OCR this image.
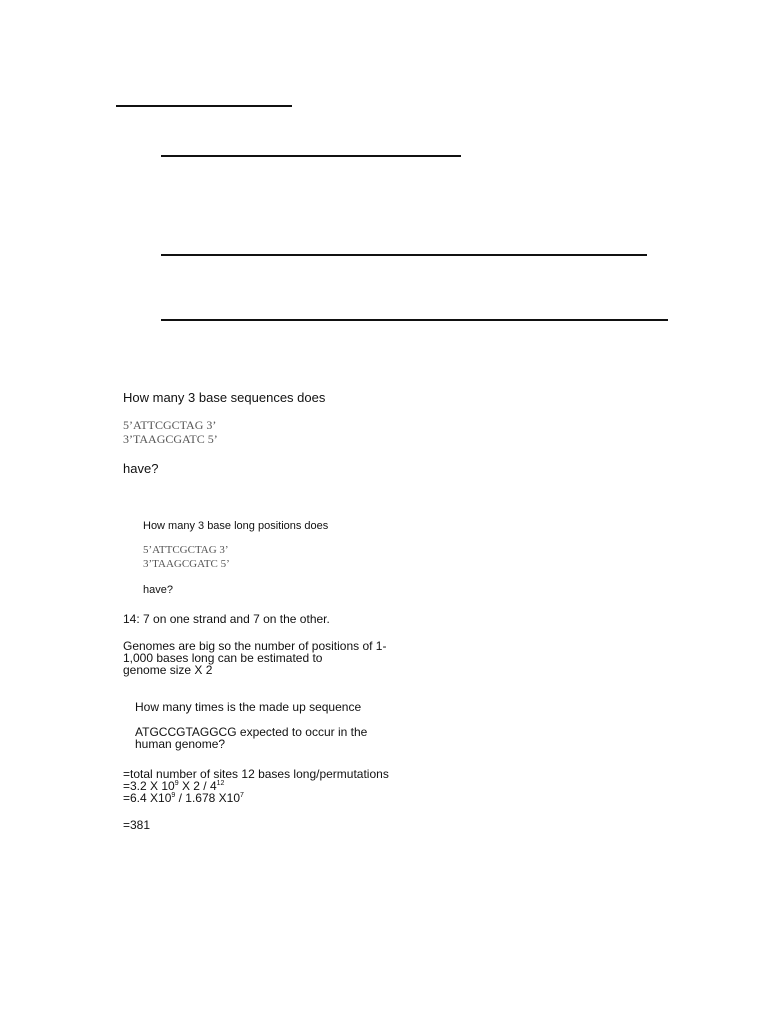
How many 3 base sequences does
5’ATTCGCTAG 3’
3’TAAGCGATC 5’
have?
How many 3 base long positions does
5’ATTCGCTAG 3’
3’TAAGCGATC 5’
have?
14: 7 on one strand and 7 on the other.
Genomes are big so the number of positions of 1-
1,000 bases long can be estimated to
genome size X 2
How many times is the made up sequence
ATGCCGTAGGCG expected to occur in the
human genome?
=total number of sites 12 bases long/permutations
=3.2 X $10^9$ X $2 / 4^{12}$
=6.4 $X10^9 / 1.678$ $X10^7$
=381
